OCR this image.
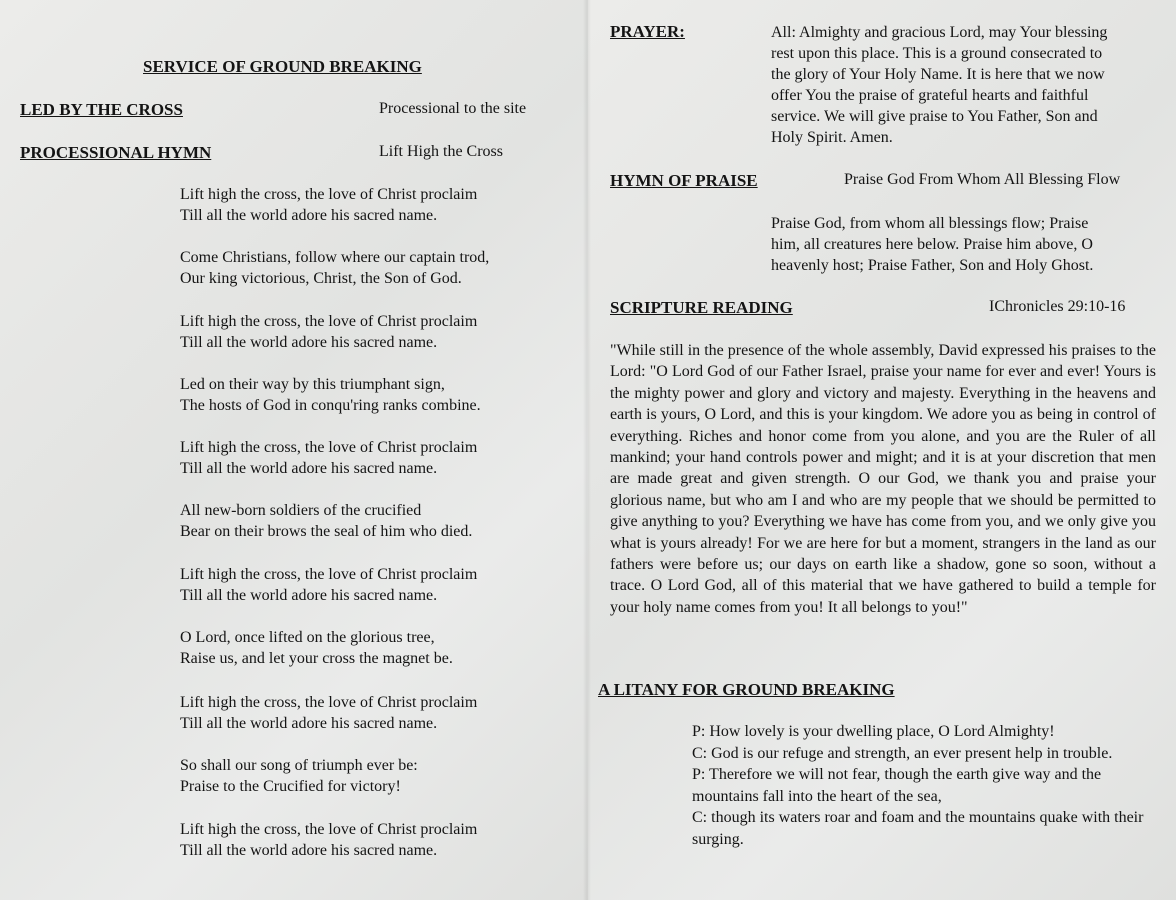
SERVICE OF GROUND BREAKING
LED BY THE CROSS	Processional to the site
PROCESSIONAL HYMN	Lift High the Cross
Lift high the cross, the love of Christ proclaim
Till all the world adore his sacred name.
Come Christians, follow where our captain trod,
Our king victorious, Christ, the Son of God.
Lift high the cross, the love of Christ proclaim
Till all the world adore his sacred name.
Led on their way by this triumphant sign,
The hosts of God in conqu'ring ranks combine.
Lift high the cross, the love of Christ proclaim
Till all the world adore his sacred name.
All new-born soldiers of the crucified
Bear on their brows the seal of him who died.
Lift high the cross, the love of Christ proclaim
Till all the world adore his sacred name.
O Lord, once lifted on the glorious tree,
Raise us, and let your cross the magnet be.
Lift high the cross, the love of Christ proclaim
Till all the world adore his sacred name.
So shall our song of triumph ever be:
Praise to the Crucified for victory!
Lift high the cross, the love of Christ proclaim
Till all the world adore his sacred name.
PRAYER:	All: Almighty and gracious Lord, may Your blessing
rest upon this place. This is a ground consecrated to
the glory of Your Holy Name. It is here that we now
offer You the praise of grateful hearts and faithful
service. We will give praise to You Father, Son and
Holy Spirit. Amen.
HYMN OF PRAISE	Praise God From Whom All Blessing Flow
Praise God, from whom all blessings flow; Praise
him, all creatures here below. Praise him above, O
heavenly host; Praise Father, Son and Holy Ghost.
SCRIPTURE READING	IChronicles 29:10-16
"While still in the presence of the whole assembly, David expressed his praises to the Lord: "O Lord God of our Father Israel, praise your name for ever and ever! Yours is the mighty power and glory and victory and majesty. Everything in the heavens and earth is yours, O Lord, and this is your kingdom. We adore you as being in control of everything. Riches and honor come from you alone, and you are the Ruler of all mankind; your hand controls power and might; and it is at your discretion that men are made great and given strength. O our God, we thank you and praise your glorious name, but who am I and who are my people that we should be permitted to give anything to you? Everything we have has come from you, and we only give you what is yours already! For we are here for but a moment, strangers in the land as our fathers were before us; our days on earth like a shadow, gone so soon, without a trace. O Lord God, all of this material that we have gathered to build a temple for your holy name comes from you! It all belongs to you!"
A LITANY FOR GROUND BREAKING
P: How lovely is your dwelling place, O Lord Almighty!
C: God is our refuge and strength, an ever present help in trouble.
P: Therefore we will not fear, though the earth give way and the mountains fall into the heart of the sea,
C: though its waters roar and foam and the mountains quake with their surging.
